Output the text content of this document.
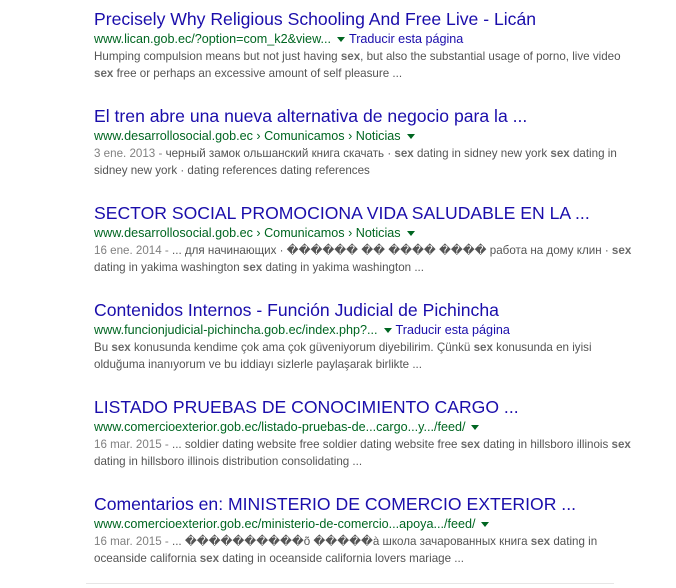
Precisely Why Religious Schooling And Free Live - Licán
www.lican.gob.ec/?option=com_k2&view... Traducir esta página
Humping compulsion means but not just having sex, but also the substantial usage of porno, live video sex free or perhaps an excessive amount of self pleasure ...
El tren abre una nueva alternativa de negocio para la ...
www.desarrollosocial.gob.ec › Comunicamos › Noticias
3 ene. 2013 - черный замок ольшанский книга скачать · sex dating in sidney new york sex dating in sidney new york · dating references dating references
SECTOR SOCIAL PROMOCIONA VIDA SALUDABLE EN LA ...
www.desarrollosocial.gob.ec › Comunicamos › Noticias
16 ene. 2014 - ... для начинающих · ������ �� ���� ���� работа на дому клин · sex dating in yakima washington sex dating in yakima washington ...
Contenidos Internos - Función Judicial de Pichincha
www.funcionjudicial-pichincha.gob.ec/index.php?... Traducir esta página
Bu sex konusunda kendime çok ama çok güveniyorum diyebilirim. Çünkü sex konusunda en iyisi olduğuma inanıyorum ve bu iddiayı sizlerle paylaşarak birlikte ...
LISTADO PRUEBAS DE CONOCIMIENTO CARGO ...
www.comercioexterior.gob.ec/listado-pruebas-de...cargo...y.../feed/
16 mar. 2015 - ... soldier dating website free soldier dating website free sex dating in hillsboro illinois sex dating in hillsboro illinois distribution consolidating ...
Comentarios en: MINISTERIO DE COMERCIO EXTERIOR ...
www.comercioexterior.gob.ec/ministerio-de-comercio...apoya.../feed/
16 mar. 2015 - ... ����������õ �����à школа зачарованных книга sex dating in oceanside california sex dating in oceanside california lovers mariage ...
